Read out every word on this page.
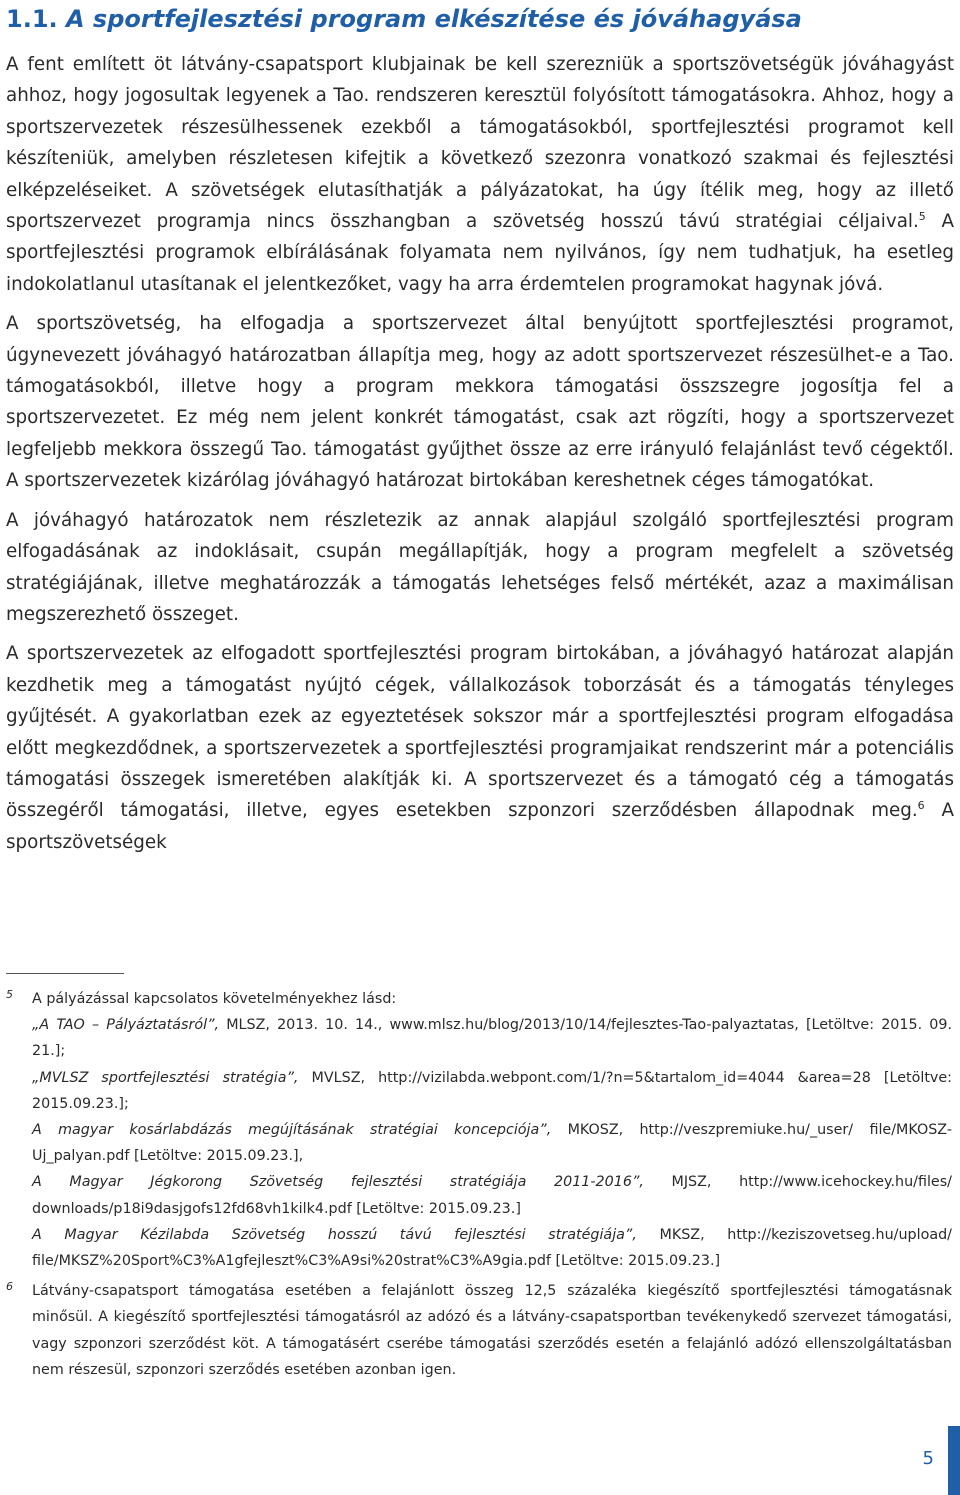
1.1. A sportfejlesztési program elkészítése és jóváhagyása

A fent említett öt látvány-csapatsport klubjainak be kell szerezniük a sportszövetségük jóváhagyást ahhoz, hogy jogosultak legyenek a Tao. rendszeren keresztül folyósított támogatásokra. Ahhoz, hogy a sportszervezetek részesülhessenek ezekből a támogatásokból, sportfejlesztési programot kell készíteniük, amelyben részletesen kifejtik a következő szezonra vonatkozó szakmai és fejlesztési elképzeléseiket. A szövetségek elutasíthatják a pályázatokat, ha úgy ítélik meg, hogy az illető sportszervezet programja nincs összhangban a szövetség hosszú távú stratégiai céljaival.$^5$ A sportfejlesztési programok elbírálásának folyamata nem nyilvános, így nem tudhatjuk, ha esetleg indokolatlanul utasítanak el jelentkezőket, vagy ha arra érdemtelen programokat hagynak jóvá.

A sportszövetség, ha elfogadja a sportszervezet által benyújtott sportfejlesztési programot, úgynevezett jóváhagyó határozatban állapítja meg, hogy az adott sportszervezet részesülhet-e a Tao. támogatásokból, illetve hogy a program mekkora támogatási összszegre jogosítja fel a sportszervezetet. Ez még nem jelent konkrét támogatást, csak azt rögzíti, hogy a sportszervezet legfeljebb mekkora összegű Tao. támogatást gyűjthet össze az erre irányuló felajánlást tevő cégektől. A sportszervezetek kizárólag jóváhagyó határozat birtokában kereshetnek céges támogatókat.

A jóváhagyó határozatok nem részletezik az annak alapjául szolgáló sportfejlesztési program elfogadásának az indoklásait, csupán megállapítják, hogy a program megfelelt a szövetség stratégiájának, illetve meghatározzák a támogatás lehetséges felső mértékét, azaz a maximálisan megszerezhető összeget.

A sportszervezetek az elfogadott sportfejlesztési program birtokában, a jóváhagyó határozat alapján kezdhetik meg a támogatást nyújtó cégek, vállalkozások toborzását és a támogatás tényleges gyűjtését. A gyakorlatban ezek az egyeztetések sokszor már a sportfejlesztési program elfogadása előtt megkezdődnek, a sportszervezetek a sportfejlesztési programjaikat rendszerint már a potenciális támogatási összegek ismeretében alakítják ki. A sportszervezet és a támogató cég a támogatás összegéről támogatási, illetve, egyes esetekben szponzori szerződésben állapodnak meg.$^6$ A sportszövetségek

5 A pályázással kapcsolatos követelményekhez lásd:
„A TAO – Pályáztatásról”, MLSZ, 2013. 10. 14., www.mlsz.hu/blog/2013/10/14/fejlesztes-Tao-palyaztatas, [Letöltve: 2015. 09. 21.];
„MVLSZ sportfejlesztési stratégia”, MVLSZ, http://vizilabda.webpont.com/1/?n=5&tartalom_id=4044 &area=28 [Letöltve: 2015.09.23.];
A magyar kosárlabdázás megújításának stratégiai koncepciója”, MKOSZ, http://veszpremiuke.hu/_user/ file/MKOSZ-Uj_palyan.pdf [Letöltve: 2015.09.23.],
A Magyar Jégkorong Szövetség fejlesztési stratégiája 2011-2016”, MJSZ, http://www.icehockey.hu/files/ downloads/p18i9dasjgofs12fd68vh1kilk4.pdf [Letöltve: 2015.09.23.]
A Magyar Kézilabda Szövetség hosszú távú fejlesztési stratégiája”, MKSZ, http://keziszovetseg.hu/upload/ file/MKSZ%20Sport%C3%A1gfejleszt%C3%A9si%20strat%C3%A9gia.pdf [Letöltve: 2015.09.23.]
6 Látvány-csapatsport támogatása esetében a felajánlott összeg 12,5 százaléka kiegészítő sportfejlesztési támogatásnak minősül. A kiegészítő sportfejlesztési támogatásról az adózó és a látvány-csapatsportban tevékenykedő szervezet támogatási, vagy szponzori szerződést köt. A támogatásért cserébe támogatási szerződés esetén a felajánló adózó ellenszolgáltatásban nem részesül, szponzori szerződés esetében azonban igen.
5
